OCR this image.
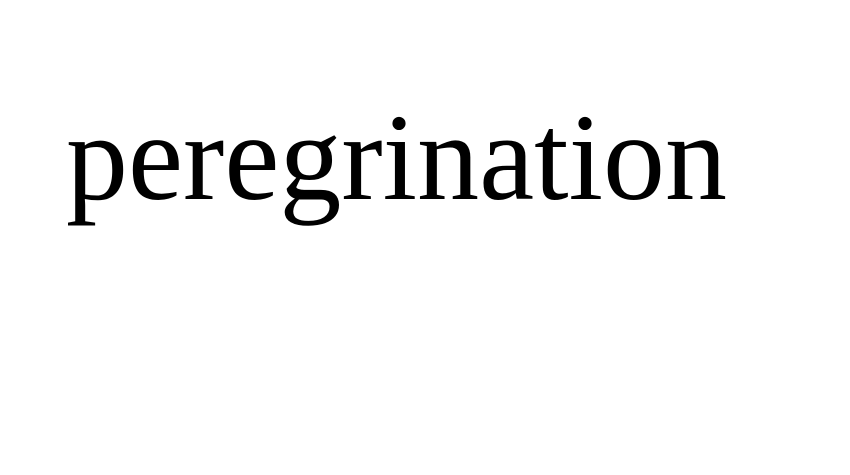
peregrination
